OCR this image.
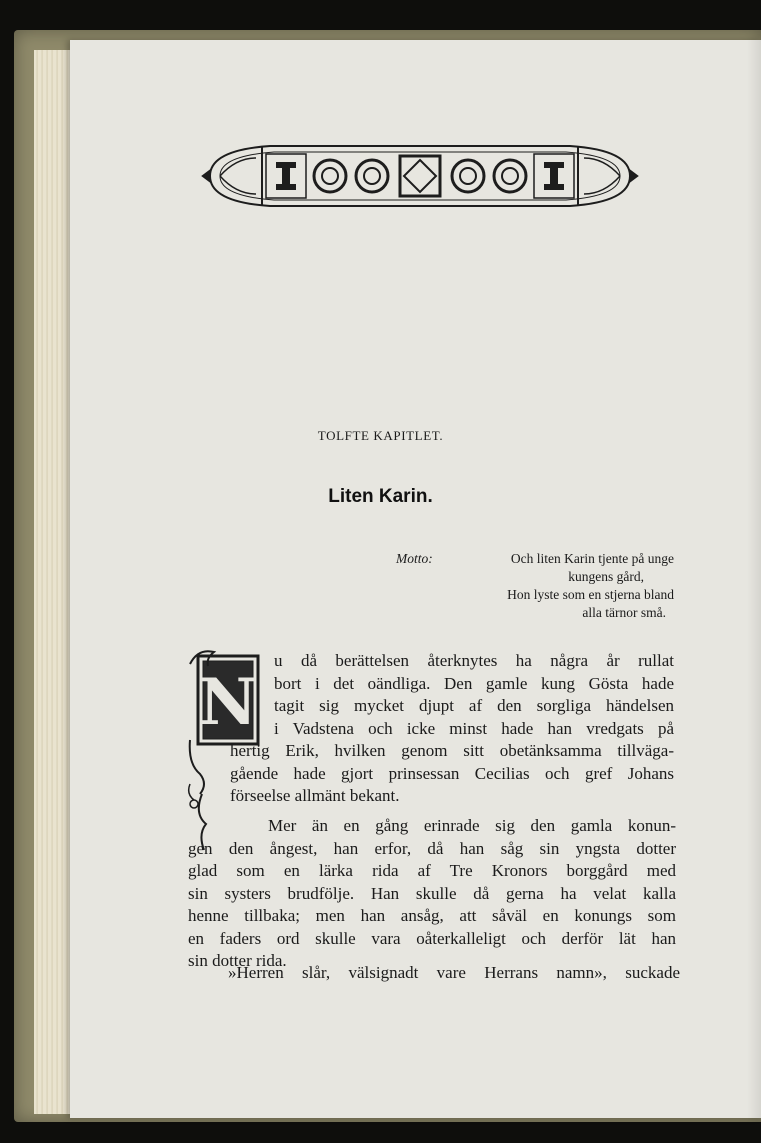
TOLFTE KAPITLET.
Liten Karin.
Motto:	Och liten Karin tjente på unge
kungens gård,
Hon lyste som en stjerna bland
alla tärnor små.
N
u då berättelsen återknytes ha några år rullat
bort i det oändliga. Den gamle kung Gösta hade
tagit sig mycket djupt af den sorgliga händelsen
i Vadstena och icke minst hade han vredgats på
hertig Erik, hvilken genom sitt obetänksamma tillväga-
gående hade gjort prinsessan Cecilias och gref Johans
förseelse allmänt bekant.
Mer än en gång erinrade sig den gamla konun-
gen den ångest, han erfor, då han såg sin yngsta dotter
glad som en lärka rida af Tre Kronors borggård med
sin systers brudfölje. Han skulle då gerna ha velat kalla
henne tillbaka; men han ansåg, att såväl en konungs som
en faders ord skulle vara oåterkalleligt och derför lät han
sin dotter rida.
»Herren slår, välsignadt vare Herrans namn», suckade
